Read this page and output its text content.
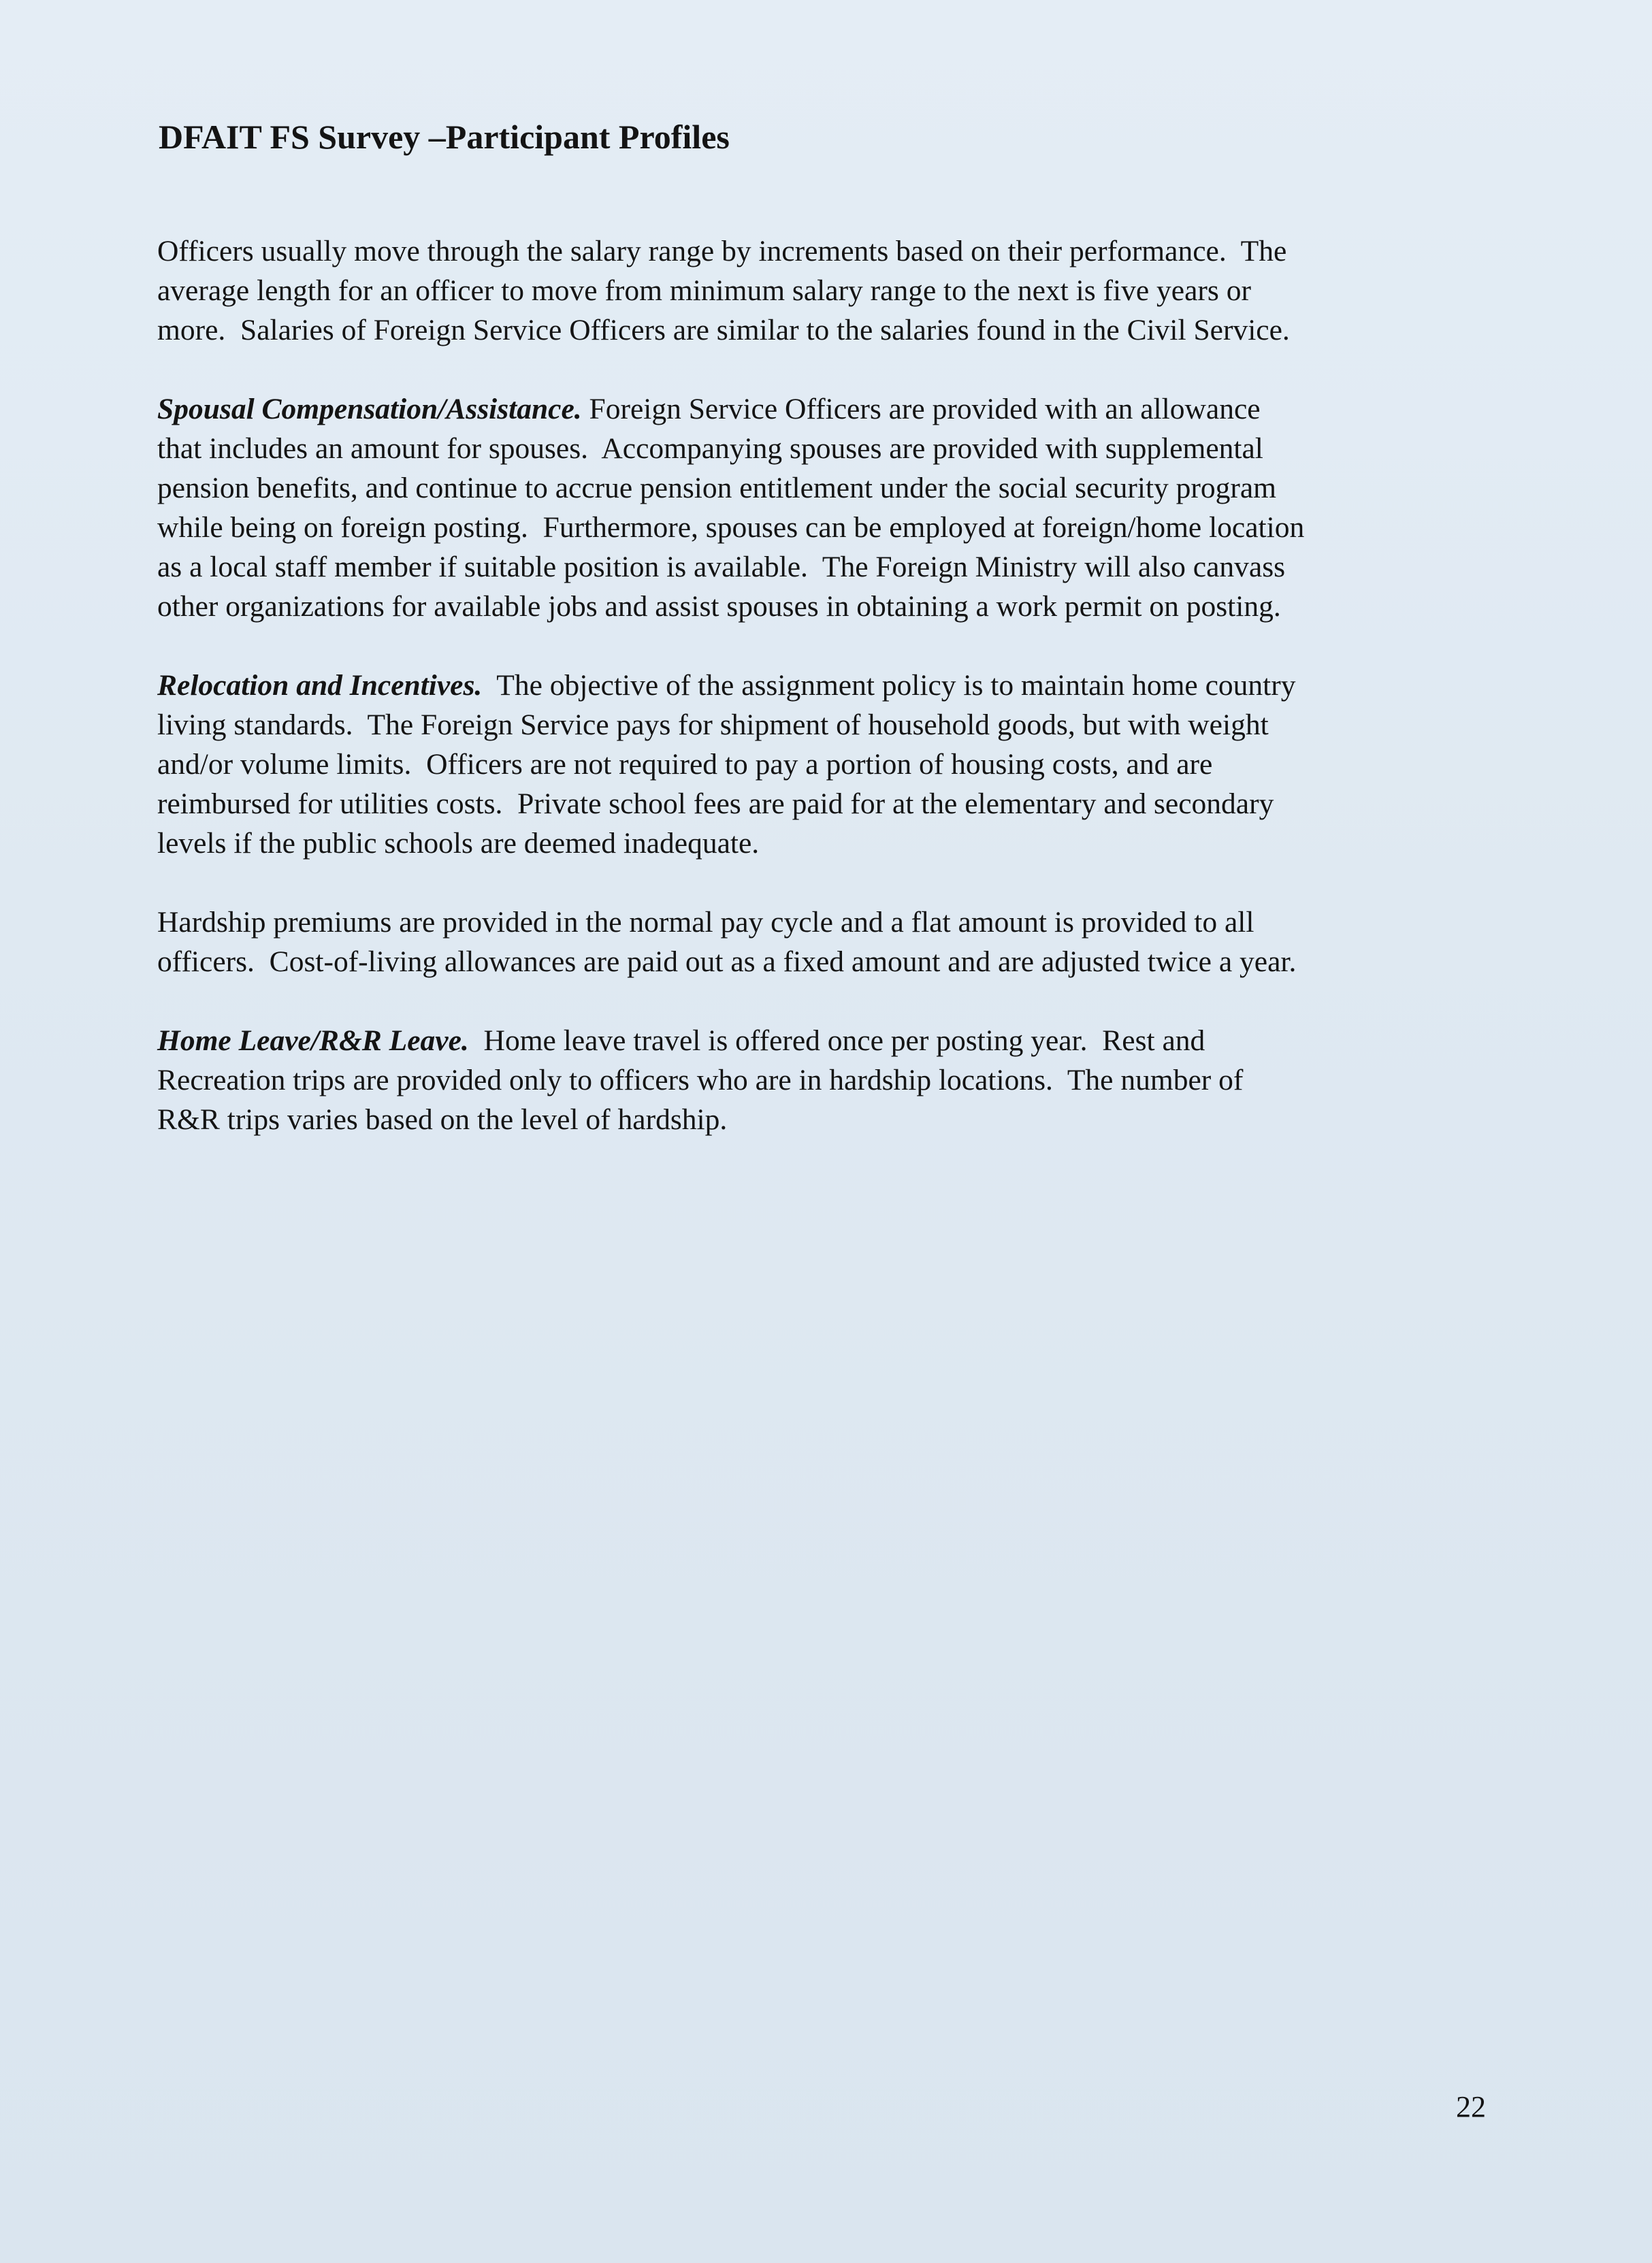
DFAIT FS Survey –Participant Profiles
Officers usually move through the salary range by increments based on their performance.  The
average length for an officer to move from minimum salary range to the next is five years or
more.  Salaries of Foreign Service Officers are similar to the salaries found in the Civil Service.
Spousal Compensation/Assistance. Foreign Service Officers are provided with an allowance
that includes an amount for spouses.  Accompanying spouses are provided with supplemental
pension benefits, and continue to accrue pension entitlement under the social security program
while being on foreign posting.  Furthermore, spouses can be employed at foreign/home location
as a local staff member if suitable position is available.  The Foreign Ministry will also canvass
other organizations for available jobs and assist spouses in obtaining a work permit on posting.
Relocation and Incentives.  The objective of the assignment policy is to maintain home country
living standards.  The Foreign Service pays for shipment of household goods, but with weight
and/or volume limits.  Officers are not required to pay a portion of housing costs, and are
reimbursed for utilities costs.  Private school fees are paid for at the elementary and secondary
levels if the public schools are deemed inadequate.
Hardship premiums are provided in the normal pay cycle and a flat amount is provided to all
officers.  Cost-of-living allowances are paid out as a fixed amount and are adjusted twice a year.
Home Leave/R&R Leave.  Home leave travel is offered once per posting year.  Rest and
Recreation trips are provided only to officers who are in hardship locations.  The number of
R&R trips varies based on the level of hardship.
22
